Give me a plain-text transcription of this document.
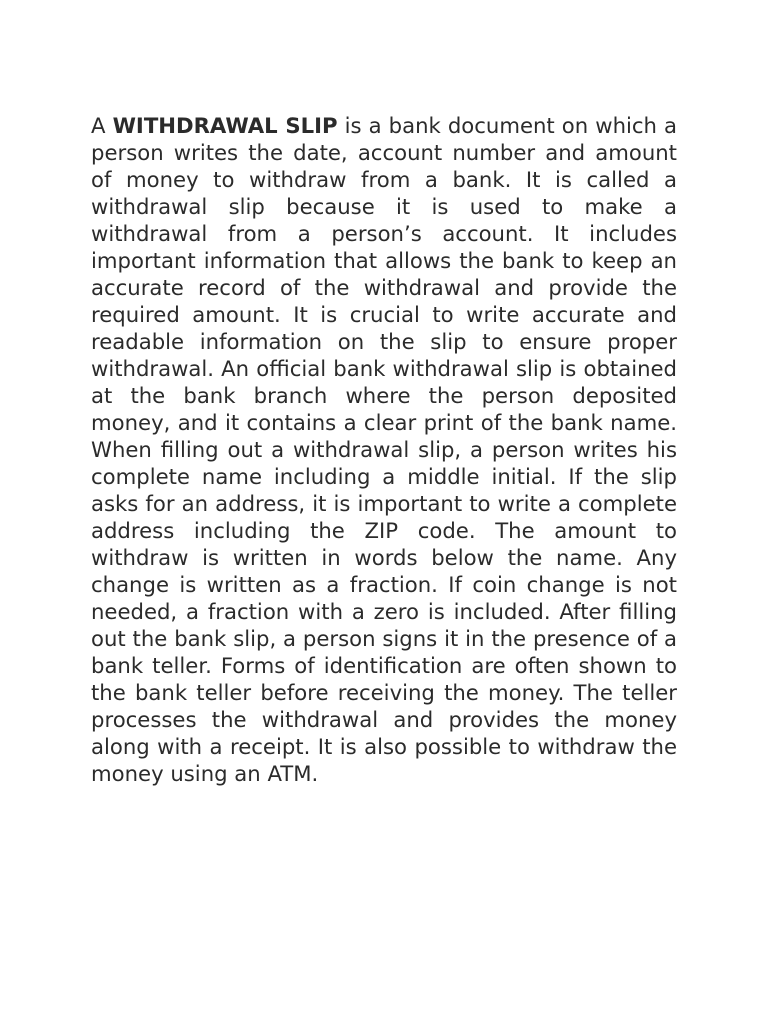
A WITHDRAWAL SLIP is a bank document on which a person writes the date, account number and amount of money to withdraw from a bank. It is called a withdrawal slip because it is used to make a withdrawal from a person’s account. It includes important information that allows the bank to keep an accurate record of the withdrawal and provide the required amount. It is crucial to write accurate and readable information on the slip to ensure proper withdrawal. An official bank withdrawal slip is obtained at the bank branch where the person deposited money, and it contains a clear print of the bank name. When filling out a withdrawal slip, a person writes his complete name including a middle initial. If the slip asks for an address, it is important to write a complete address including the ZIP code. The amount to withdraw is written in words below the name. Any change is written as a fraction. If coin change is not needed, a fraction with a zero is included. After filling out the bank slip, a person signs it in the presence of a bank teller. Forms of identification are often shown to the bank teller before receiving the money. The teller processes the withdrawal and provides the money along with a receipt. It is also possible to withdraw the money using an ATM.
